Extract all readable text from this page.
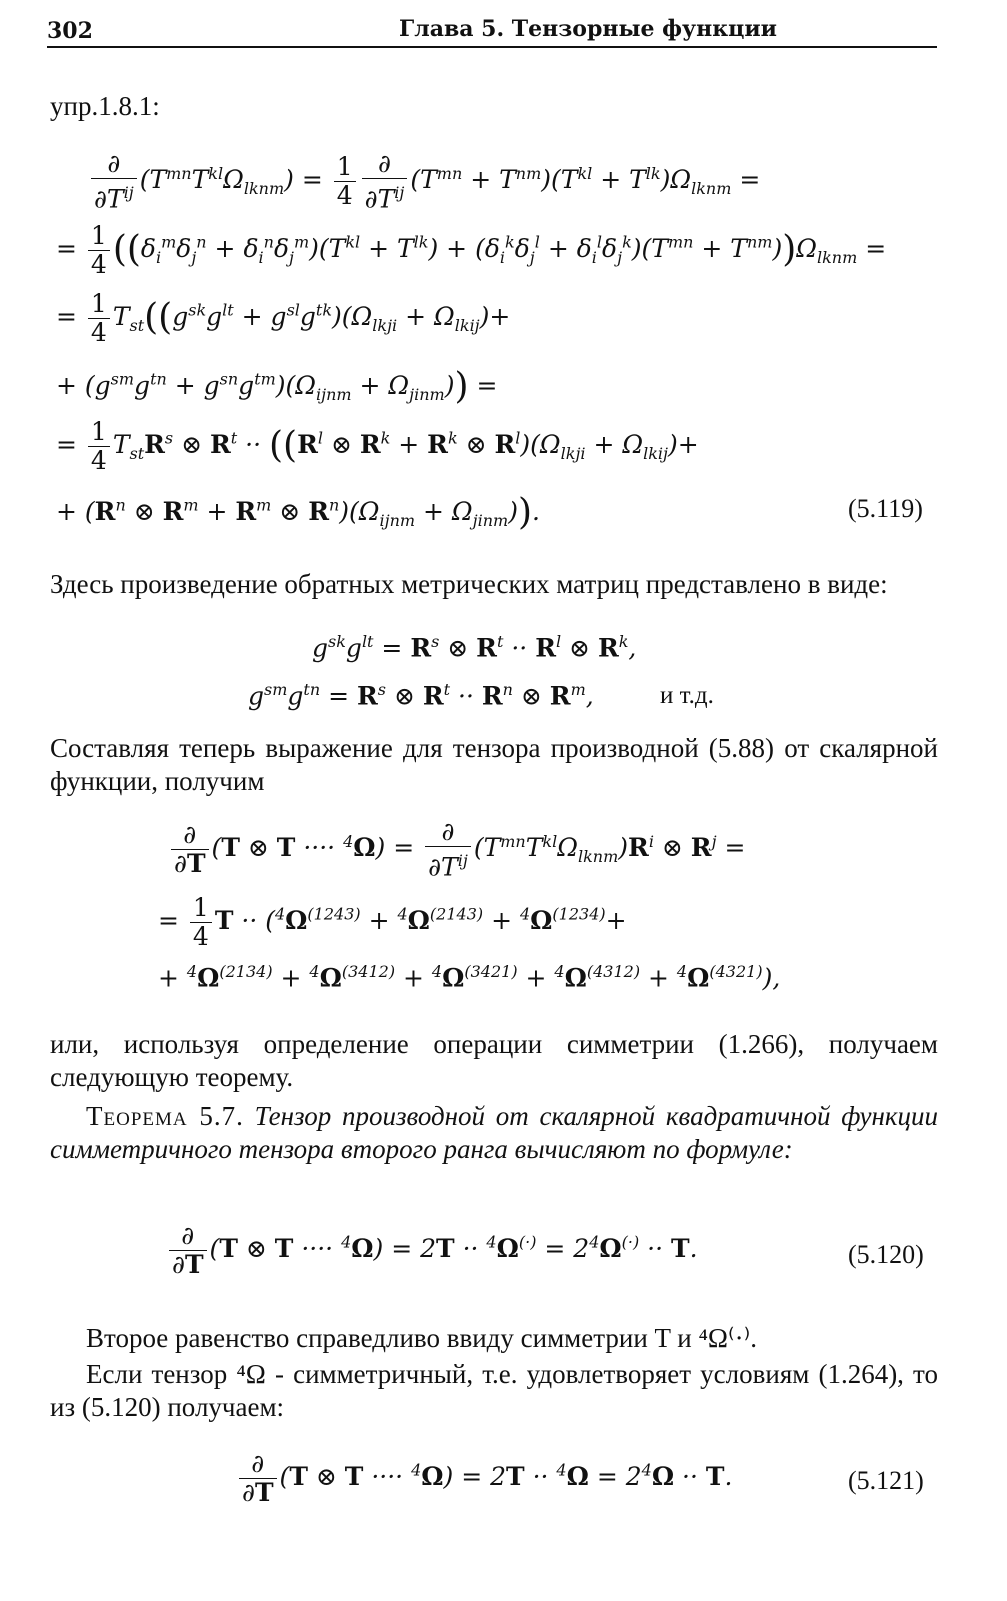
302	Глава 5. Тензорные функции
упр.1.8.1:
$\frac{\partial}{\partial T^{ij}} (T^{mn}T^{kl}\Omega_{lknm}) = \frac{1}{4} \frac{\partial}{\partial T^{ij}} (T^{mn} + T^{nm})(T^{kl} + T^{lk})\Omega_{lknm}$ =
= $\frac{1}{4} ((\delta_i^m\delta_j^n + \delta_i^n\delta_j^m)(T^{kl} + T^{lk}) + (\delta_i^k\delta_j^l + \delta_i^l\delta_j^k)(T^{mn} + T^{nm}))\Omega_{lknm}$ =
= $\frac{1}{4} T_{st}((g^{sk}g^{lt} + g^{sl}g^{tk})(\Omega_{lkji} + \Omega_{lkij})+$
+ $(g^{sm}g^{tn} + g^{sn}g^{tm})(\Omega_{ijnm} + \Omega_{jinm})$) =
= $\frac{1}{4} T_{st}R^s$ ⊗ $R^t \cdot\cdot ((R^l$ ⊗ $R^k + R^k$ ⊗ $R^l)(\Omega_{lkji} + \Omega_{lkij})+$
+ ($R^n$ ⊗ $R^m + R^m$ ⊗ $R^n)(\Omega_{ijnm} + \Omega_{jinm})$).	(5.119)
Здесь произведение обратных метрических матриц представлено в виде:
$g^{sk}g^{lt} = R^s$ ⊗ $R^t \cdot\cdot R^l$ ⊗ $R^k$,
$g^{sm}g^{tn} = R^s$ ⊗ $R^t \cdot\cdot R^n$ ⊗ $R^m$,	и т.д.
Составляя теперь выражение для тензора производной (5.88) от скалярной функции, получим
$\frac{\partial}{\partial T} (T$ ⊗ T ···· $^4\Omega) = \frac{\partial}{\partial T^{ij}} (T^{mn}T^{kl}\Omega_{lknm})R^i$ ⊗ $R^j$ =
= $\frac{1}{4}$ $T \cdot\cdot (^4\Omega^{(1243)} + ^4\Omega^{(2143)} + ^4\Omega^{(1234)}+$
+ $^4\Omega^{(2134)} + ^4\Omega^{(3412)} + ^4\Omega^{(3421)} + ^4\Omega^{(4312)} + ^4\Omega^{(4321)}$),
или, используя определение операции симметрии (1.266), получаем следующую теорему.
Теорема 5.7. Тензор производной от скалярной квадратичной функции симметричного тензора второго ранга вычисляют по формуле:
$\frac{\partial}{\partial T} (T$ ⊗ T ···· $^4\Omega) = 2T \cdot\cdot ^4\Omega^{(\cdot)} = 2^4\Omega^{(\cdot)} \cdot\cdot T$.	(5.120)
Второе равенство справедливо ввиду симметрии T и ⁴Ω⁽·⁾.
Если тензор ⁴Ω - симметричный, т.е. удовлетворяет условиям (1.264), то из (5.120) получаем:
$\frac{\partial}{\partial T} (T$ ⊗ T ···· $^4\Omega) = 2T \cdot\cdot ^4\Omega = 2^4\Omega \cdot\cdot T$.	(5.121)
